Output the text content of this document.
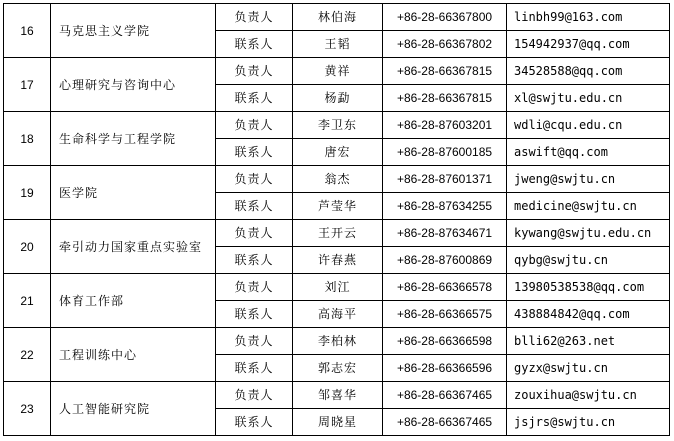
16	马克思主义学院	负责人	林伯海	+86-28-66367800	linbh99@163.com
		联系人	王韬	+86-28-66367802	154942937@qq.com
17	心理研究与咨询中心	负责人	黄祥	+86-28-66367815	34528588@qq.com
		联系人	杨勐	+86-28-66367815	xl@swjtu.edu.cn
18	生命科学与工程学院	负责人	李卫东	+86-28-87603201	wdli@cqu.edu.cn
		联系人	唐宏	+86-28-87600185	aswift@qq.com
19	医学院	负责人	翁杰	+86-28-87601371	jweng@swjtu.cn
		联系人	芦莹华	+86-28-87634255	medicine@swjtu.cn
20	牵引动力国家重点实验室	负责人	王开云	+86-28-87634671	kywang@swjtu.edu.cn
		联系人	许春燕	+86-28-87600869	qybg@swjtu.cn
21	体育工作部	负责人	刘江	+86-28-66366578	13980538538@qq.com
		联系人	高海平	+86-28-66366575	438884842@qq.com
22	工程训练中心	负责人	李柏林	+86-28-66366598	blli62@263.net
		联系人	郭志宏	+86-28-66366596	gyzx@swjtu.cn
23	人工智能研究院	负责人	邹喜华	+86-28-66367465	zouxihua@swjtu.cn
		联系人	周晓星	+86-28-66367465	jsjrs@swjtu.cn
